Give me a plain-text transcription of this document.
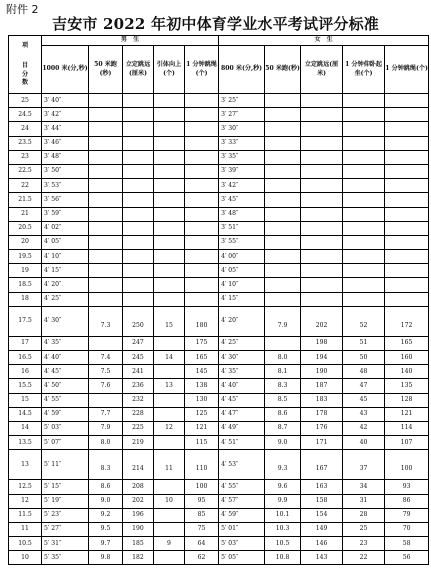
附件 2
吉安市 2022 年初中体育学业水平考试评分标准
项
目
分
数	男　生					女　生				
	1000 米(分,秒)	50 米跑(秒)	立定跳远(厘米)	引体向上(个)	1 分钟跳绳(个)	800 米(分,秒)	50 米跑(秒)	立定跳远(厘米)	1 分钟仰卧起坐(个)	1 分钟跳绳(个)
25	3′ 40″					3′ 25″				
24.5	3′ 42″					3′ 27″				
24	3′ 44″					3′ 30″				
23.5	3′ 46″					3′ 33″				
23	3′ 48″					3′ 35″				
22.5	3′ 50″					3′ 39″				
22	3′ 53″					3′ 42″				
21.5	3′ 56″					3′ 45″				
21	3′ 59″					3′ 48″				
20.5	4′ 02″					3′ 51″				
20	4′ 05″					3′ 55″				
19.5	4′ 10″					4′ 00″				
19	4′ 15″					4′ 05″				
18.5	4′ 20″					4′ 10″				
18	4′ 25″					4′ 15″				
17.5	4′ 30″	7.3	250	15	180	4′ 20″	7.9	202	52	172
17	4′ 35″		247		175	4′ 25″		198	51	165
16.5	4′ 40″	7.4	245	14	165	4′ 30″	8.0	194	50	160
16	4′ 45″	7.5	241		145	4′ 35″	8.1	190	48	140
15.5	4′ 50″	7.6	236	13	138	4′ 40″	8.3	187	47	135
15	4′ 55″		232		130	4′ 45″	8.5	183	45	128
14.5	4′ 59″	7.7	228		125	4′ 47″	8.6	178	43	121
14	5′ 03″	7.9	225	12	121	4′ 49″	8.7	176	42	114
13.5	5′ 07″	8.0	219		115	4′ 51″	9.0	171	40	107
13	5′ 11″	8.3	214	11	110	4′ 53″	9.3	167	37	100
12.5	5′ 15″	8.6	208		100	4′ 55″	9.6	163	34	93
12	5′ 19″	9.0	202	10	95	4′ 57″	9.9	158	31	86
11.5	5′ 23″	9.2	196		85	4′ 59″	10.1	154	28	79
11	5′ 27″	9.5	190		75	5′ 01″	10.3	149	25	70
10.5	5′ 31″	9.7	185	9	64	5′ 03″	10.5	146	23	58
10	5′ 35″	9.8	182		62	5′ 05″	10.8	143	22	56
